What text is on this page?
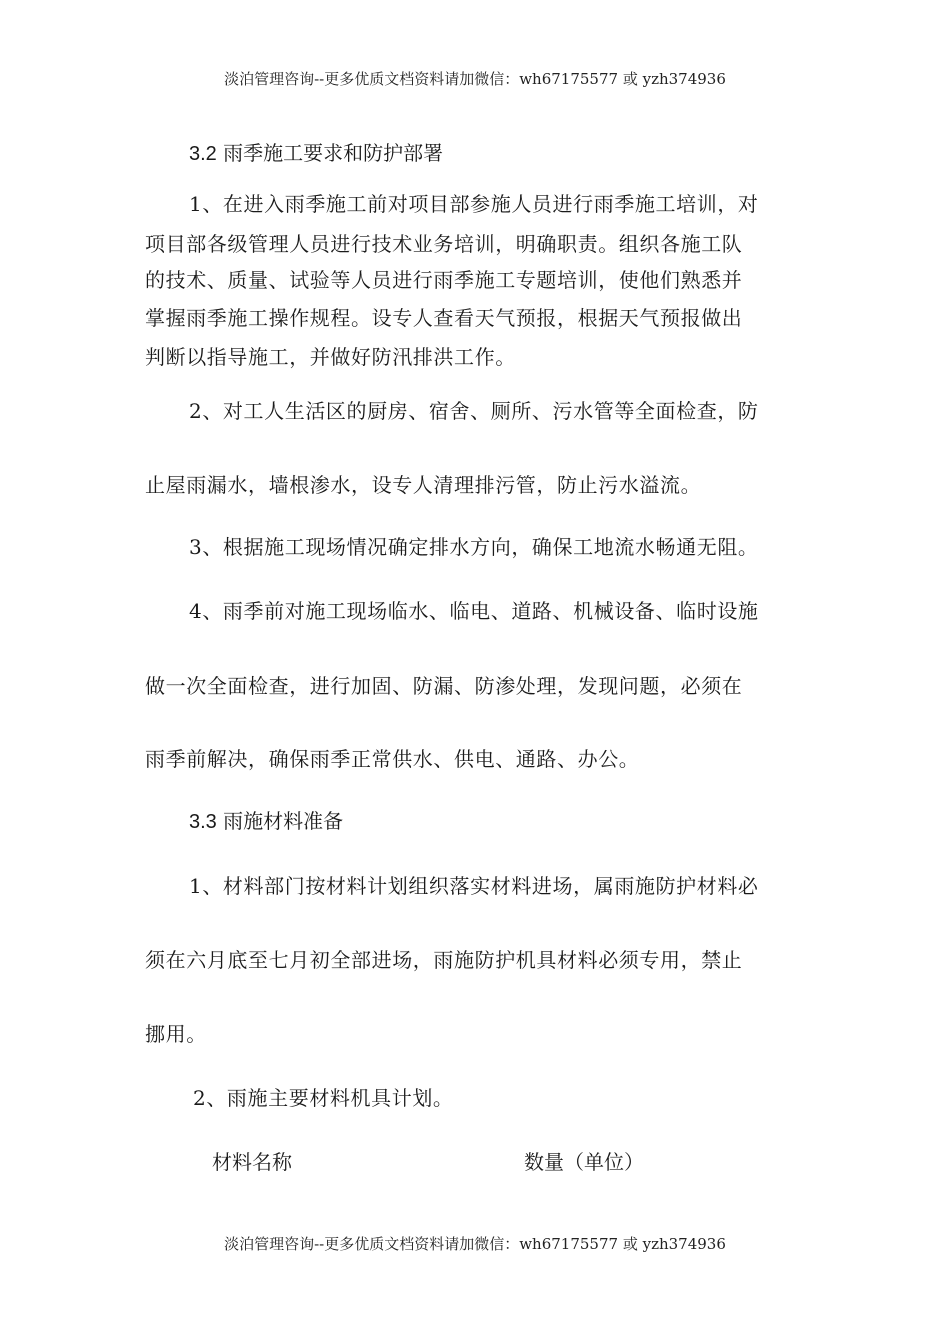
淡泊管理咨询--更多优质文档资料请加微信：wh67175577 或 yzh374936
3.2 雨季施工要求和防护部署
1、在进入雨季施工前对项目部参施人员进行雨季施工培训，对
项目部各级管理人员进行技术业务培训，明确职责。组织各施工队
的技术、质量、试验等人员进行雨季施工专题培训，使他们熟悉并
掌握雨季施工操作规程。设专人查看天气预报，根据天气预报做出
判断以指导施工，并做好防汛排洪工作。
2、对工人生活区的厨房、宿舍、厕所、污水管等全面检查，防
止屋雨漏水，墙根渗水，设专人清理排污管，防止污水溢流。
3、根据施工现场情况确定排水方向，确保工地流水畅通无阻。
4、雨季前对施工现场临水、临电、道路、机械设备、临时设施
做一次全面检查，进行加固、防漏、防渗处理，发现问题，必须在
雨季前解决，确保雨季正常供水、供电、通路、办公。
3.3 雨施材料准备
1、材料部门按材料计划组织落实材料进场，属雨施防护材料必
须在六月底至七月初全部进场，雨施防护机具材料必须专用，禁止
挪用。
2、雨施主要材料机具计划。
材料名称	数量（单位）
淡泊管理咨询--更多优质文档资料请加微信：wh67175577 或 yzh374936
